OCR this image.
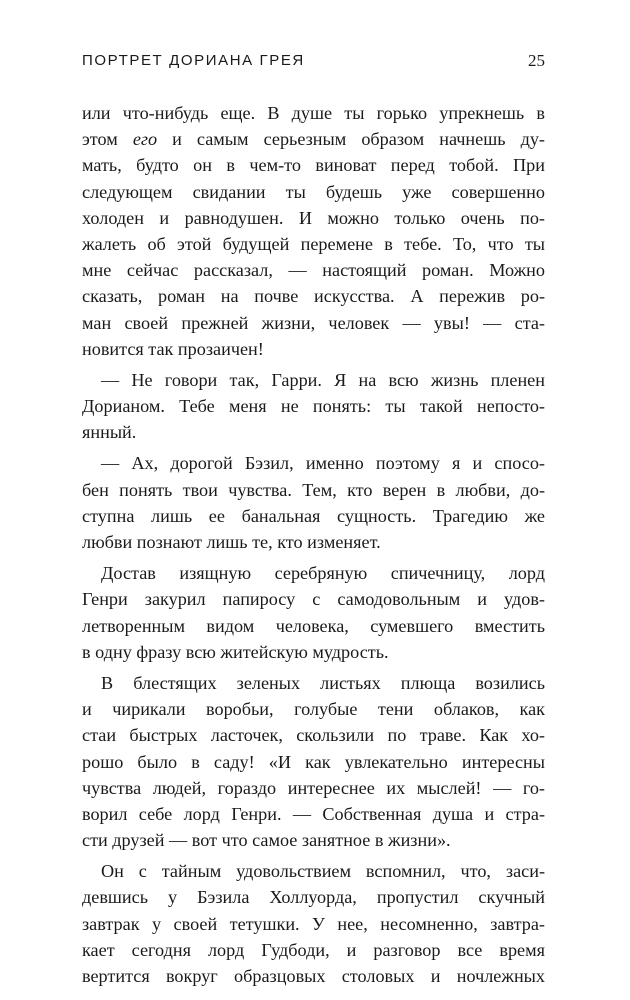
ПОРТРЕТ ДОРИАНА ГРЕЯ	25
или что-нибудь еще. В душе ты горько упрекнешь в
этом его и самым серьезным образом начнешь ду-
мать, будто он в чем-то виноват перед тобой. При
следующем свидании ты будешь уже совершенно
холоден и равнодушен. И можно только очень по-
жалеть об этой будущей перемене в тебе. То, что ты
мне сейчас рассказал, — настоящий роман. Можно
сказать, роман на почве искусства. А пережив ро-
ман своей прежней жизни, человек — увы! — ста-
новится так прозаичен!
— Не говори так, Гарри. Я на всю жизнь пленен
Дорианом. Тебе меня не понять: ты такой непосто-
янный.
— Ах, дорогой Бэзил, именно поэтому я и спосо-
бен понять твои чувства. Тем, кто верен в любви, до-
ступна лишь ее банальная сущность. Трагедию же
любви познают лишь те, кто изменяет.
Достав изящную серебряную спичечницу, лорд
Генри закурил папиросу с самодовольным и удов-
летворенным видом человека, сумевшего вместить
в одну фразу всю житейскую мудрость.
В блестящих зеленых листьях плюща возились
и чирикали воробьи, голубые тени облаков, как
стаи быстрых ласточек, скользили по траве. Как хо-
рошо было в саду! «И как увлекательно интересны
чувства людей, гораздо интереснее их мыслей! — го-
ворил себе лорд Генри. — Собственная душа и стра-
сти друзей — вот что самое занятное в жизни».
Он с тайным удовольствием вспомнил, что, заси-
девшись у Бэзила Холлуорда, пропустил скучный
завтрак у своей тетушки. У нее, несомненно, завтра-
кает сегодня лорд Гудбоди, и разговор все время
вертится вокруг образцовых столовых и ночлежных
